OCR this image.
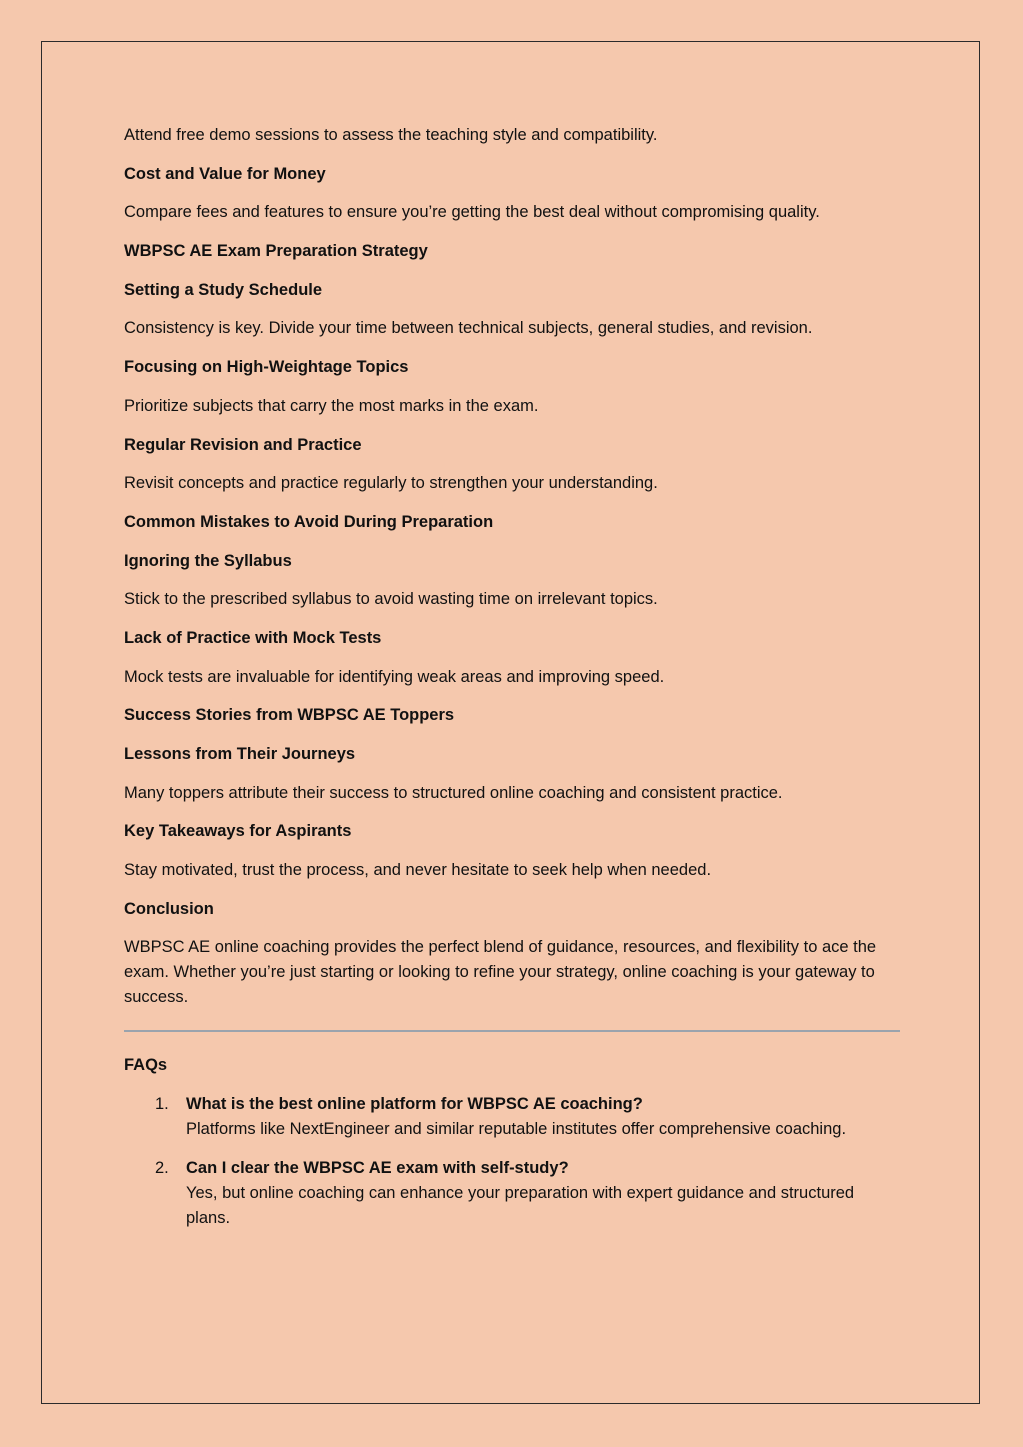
Attend free demo sessions to assess the teaching style and compatibility.
Cost and Value for Money
Compare fees and features to ensure you’re getting the best deal without compromising quality.
WBPSC AE Exam Preparation Strategy
Setting a Study Schedule
Consistency is key. Divide your time between technical subjects, general studies, and revision.
Focusing on High-Weightage Topics
Prioritize subjects that carry the most marks in the exam.
Regular Revision and Practice
Revisit concepts and practice regularly to strengthen your understanding.
Common Mistakes to Avoid During Preparation
Ignoring the Syllabus
Stick to the prescribed syllabus to avoid wasting time on irrelevant topics.
Lack of Practice with Mock Tests
Mock tests are invaluable for identifying weak areas and improving speed.
Success Stories from WBPSC AE Toppers
Lessons from Their Journeys
Many toppers attribute their success to structured online coaching and consistent practice.
Key Takeaways for Aspirants
Stay motivated, trust the process, and never hesitate to seek help when needed.
Conclusion
WBPSC AE online coaching provides the perfect blend of guidance, resources, and flexibility to ace the exam. Whether you’re just starting or looking to refine your strategy, online coaching is your gateway to success.
FAQs
1. What is the best online platform for WBPSC AE coaching?
Platforms like NextEngineer and similar reputable institutes offer comprehensive coaching.
2. Can I clear the WBPSC AE exam with self-study?
Yes, but online coaching can enhance your preparation with expert guidance and structured plans.
